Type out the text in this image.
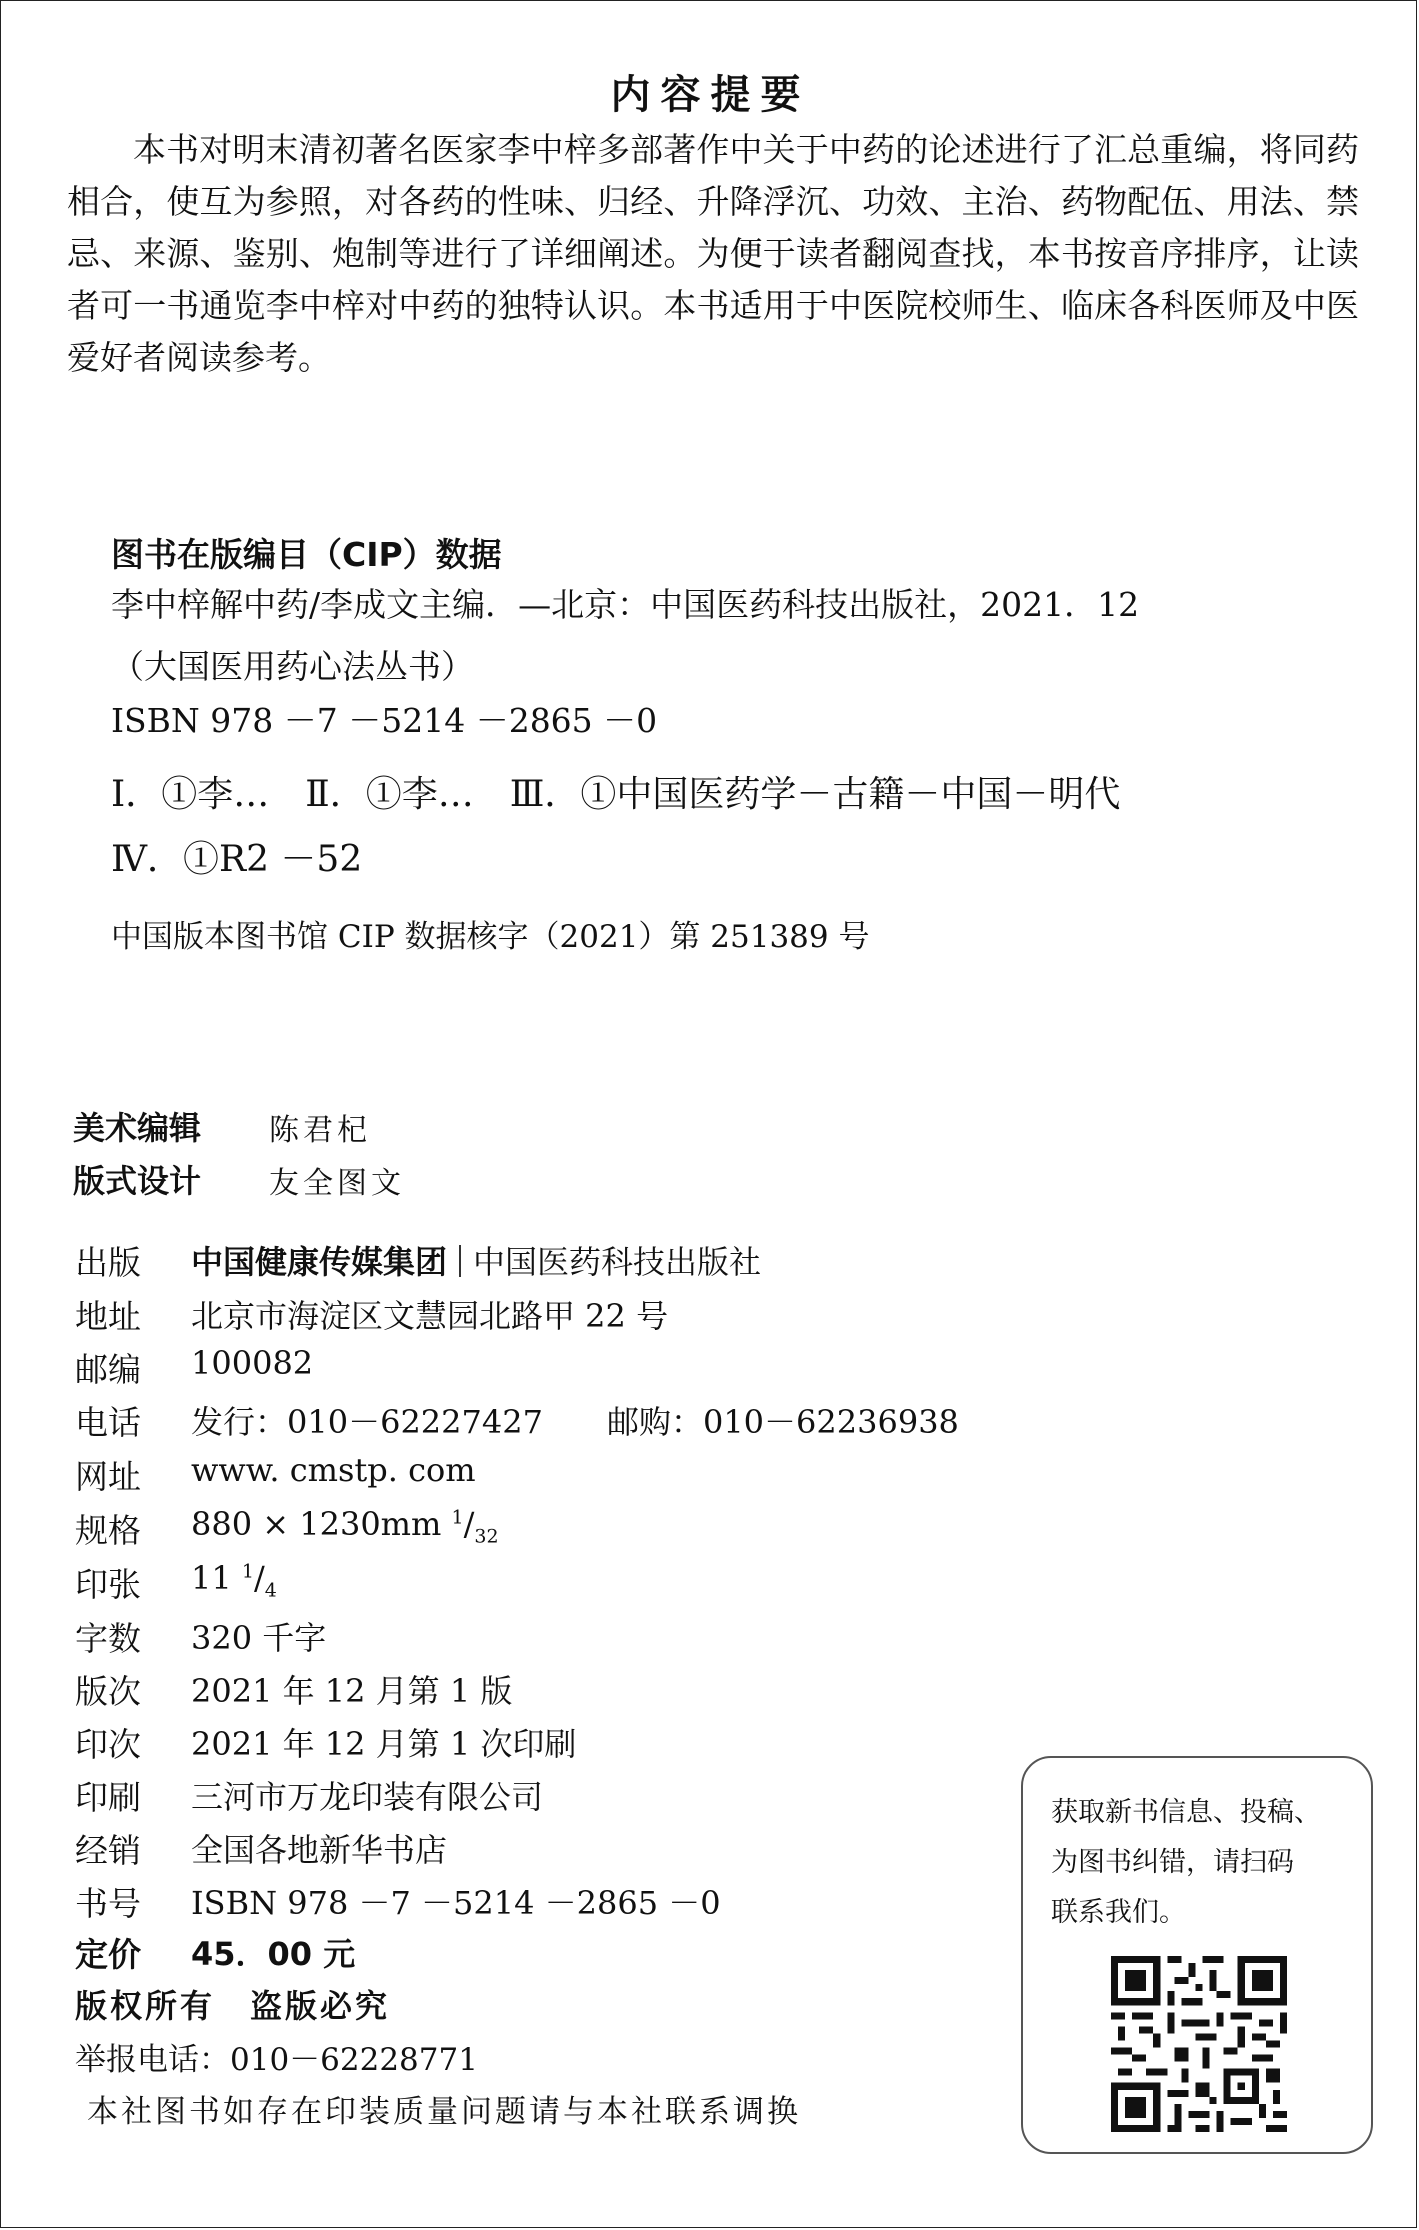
内容提要
本书对明末清初著名医家李中梓多部著作中关于中药的论述进行了汇总重编，将同药相合，使互为参照，对各药的性味、归经、升降浮沉、功效、主治、药物配伍、用法、禁忌、来源、鉴别、炮制等进行了详细阐述。为便于读者翻阅查找，本书按音序排序，让读者可一书通览李中梓对中药的独特认识。本书适用于中医院校师生、临床各科医师及中医爱好者阅读参考。
图书在版编目（CIP）数据
李中梓解中药/李成文主编．—北京：中国医药科技出版社，2021．12
（大国医用药心法丛书）
ISBN 978 －7 －5214 －2865 －0
Ⅰ．①李…　Ⅱ．①李…　Ⅲ．①中国医药学－古籍－中国－明代
Ⅳ．①R2 －52
中国版本图书馆 CIP 数据核字（2021）第 251389 号
美术编辑 陈君杞
版式设计 友全图文
出版 中国健康传媒集团 中国医药科技出版社
地址 北京市海淀区文慧园北路甲 22 号
邮编 100082
电话 发行：010－62227427　　邮购：010－62236938
网址 www. cmstp. com
规格 880 × 1230mm $^1/_{32}$
印张 11 $^1/_4$
字数 320 千字
版次 2021 年 12 月第 1 版
印次 2021 年 12 月第 1 次印刷
印刷 三河市万龙印装有限公司
经销 全国各地新华书店
书号 ISBN 978 －7 －5214 －2865 －0
定价 45．00 元
版权所有　盗版必究
举报电话：010－62228771
本社图书如存在印装质量问题请与本社联系调换
获取新书信息、投稿、
为图书纠错，请扫码
联系我们。
